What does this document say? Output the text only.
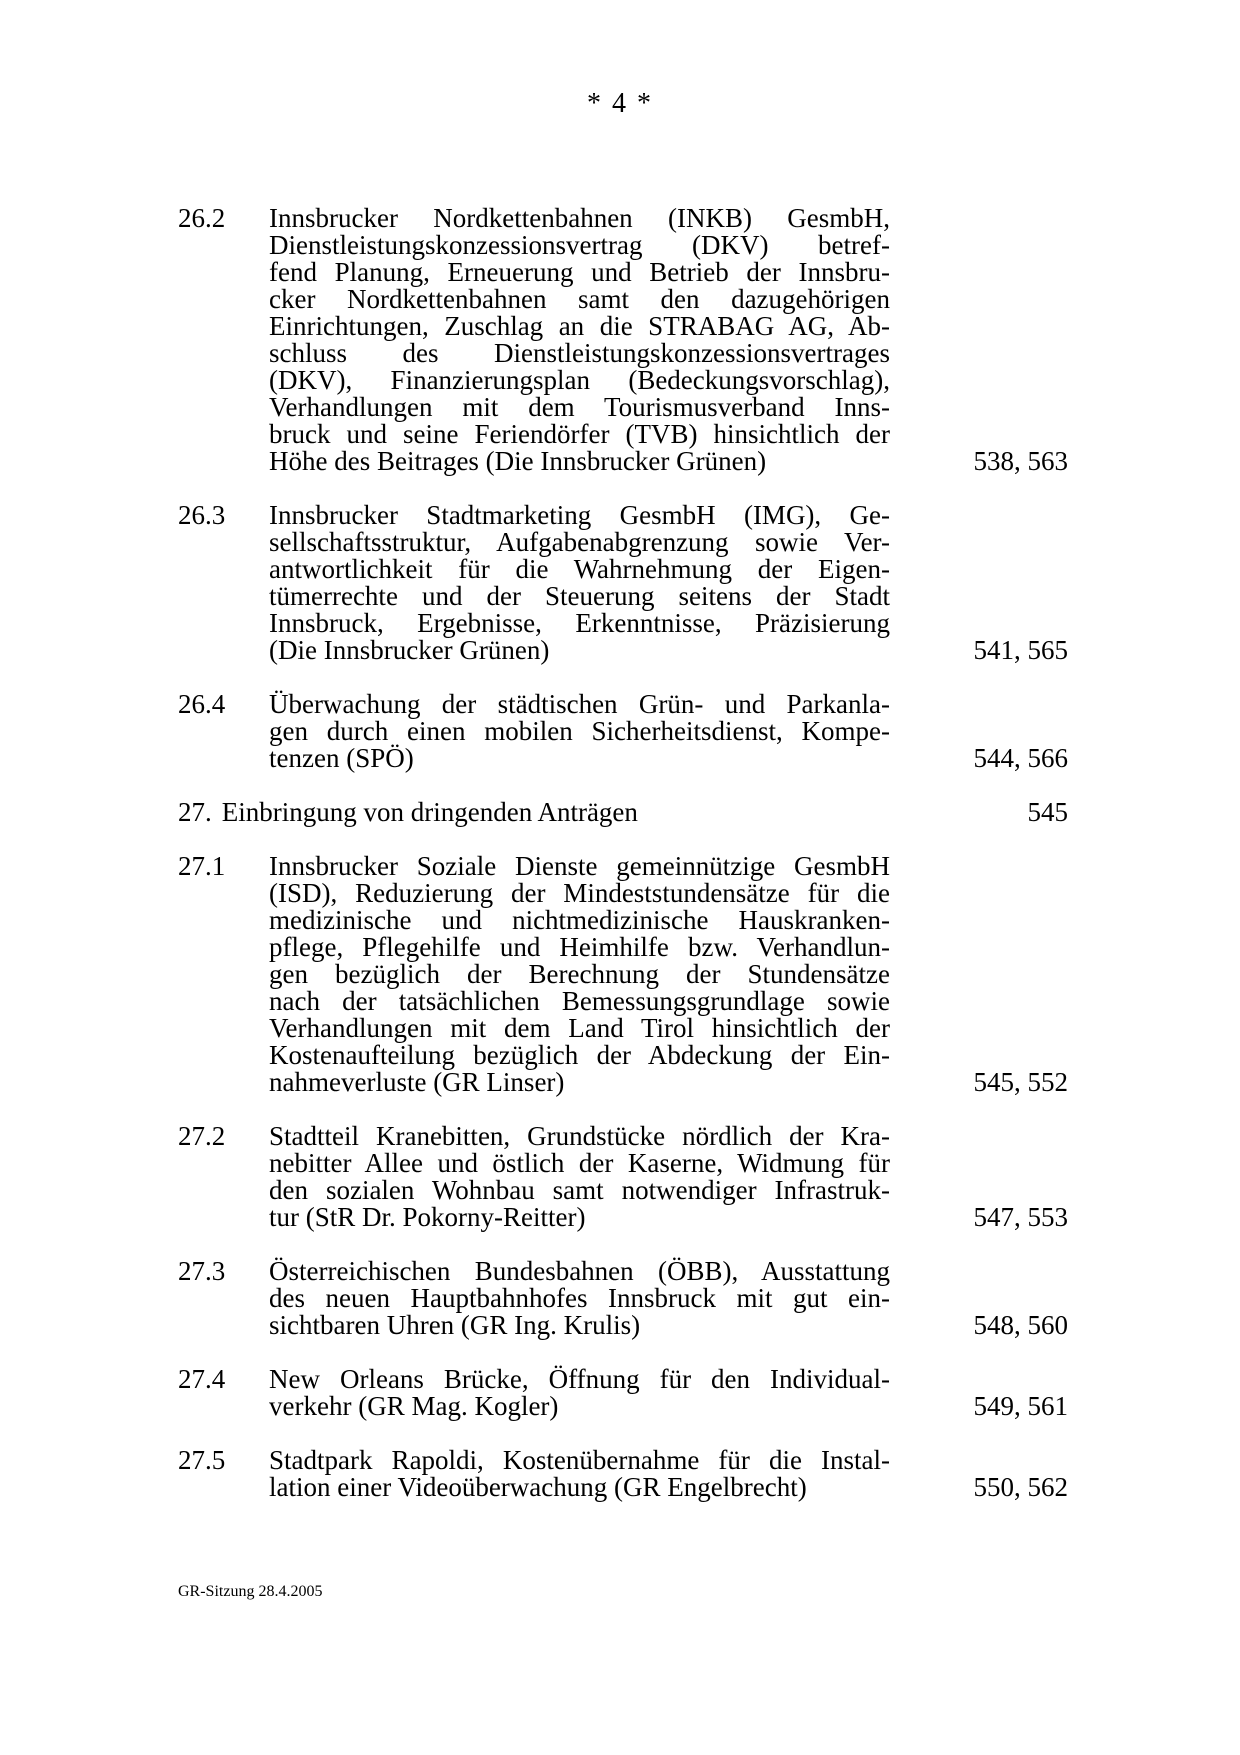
* 4 *
26.2 Innsbrucker Nordkettenbahnen (INKB) GesmbH,
Dienstleistungskonzessionsvertrag (DKV) betref-
fend Planung, Erneuerung und Betrieb der Innsbru-
cker Nordkettenbahnen samt den dazugehörigen
Einrichtungen, Zuschlag an die STRABAG AG, Ab-
schluss des Dienstleistungskonzessionsvertrages
(DKV), Finanzierungsplan (Bedeckungsvorschlag),
Verhandlungen mit dem Tourismusverband Inns-
bruck und seine Feriendörfer (TVB) hinsichtlich der
Höhe des Beitrages (Die Innsbrucker Grünen)	538, 563
26.3 Innsbrucker Stadtmarketing GesmbH (IMG), Ge-
sellschaftsstruktur, Aufgabenabgrenzung sowie Ver-
antwortlichkeit für die Wahrnehmung der Eigen-
tümerrechte und der Steuerung seitens der Stadt
Innsbruck, Ergebnisse, Erkenntnisse, Präzisierung
(Die Innsbrucker Grünen)	541, 565
26.4 Überwachung der städtischen Grün- und Parkanla-
gen durch einen mobilen Sicherheitsdienst, Kompe-
tenzen (SPÖ)	544, 566
27. Einbringung von dringenden Anträgen	545
27.1 Innsbrucker Soziale Dienste gemeinnützige GesmbH
(ISD), Reduzierung der Mindeststundensätze für die
medizinische und nichtmedizinische Hauskranken-
pflege, Pflegehilfe und Heimhilfe bzw. Verhandlun-
gen bezüglich der Berechnung der Stundensätze
nach der tatsächlichen Bemessungsgrundlage sowie
Verhandlungen mit dem Land Tirol hinsichtlich der
Kostenaufteilung bezüglich der Abdeckung der Ein-
nahmeverluste (GR Linser)	545, 552
27.2 Stadtteil Kranebitten, Grundstücke nördlich der Kra-
nebitter Allee und östlich der Kaserne, Widmung für
den sozialen Wohnbau samt notwendiger Infrastruk-
tur (StR Dr. Pokorny-Reitter)	547, 553
27.3 Österreichischen Bundesbahnen (ÖBB), Ausstattung
des neuen Hauptbahnhofes Innsbruck mit gut ein-
sichtbaren Uhren (GR Ing. Krulis)	548, 560
27.4 New Orleans Brücke, Öffnung für den Individual-
verkehr (GR Mag. Kogler)	549, 561
27.5 Stadtpark Rapoldi, Kostenübernahme für die Instal-
lation einer Videoüberwachung (GR Engelbrecht)	550, 562
GR-Sitzung 28.4.2005
